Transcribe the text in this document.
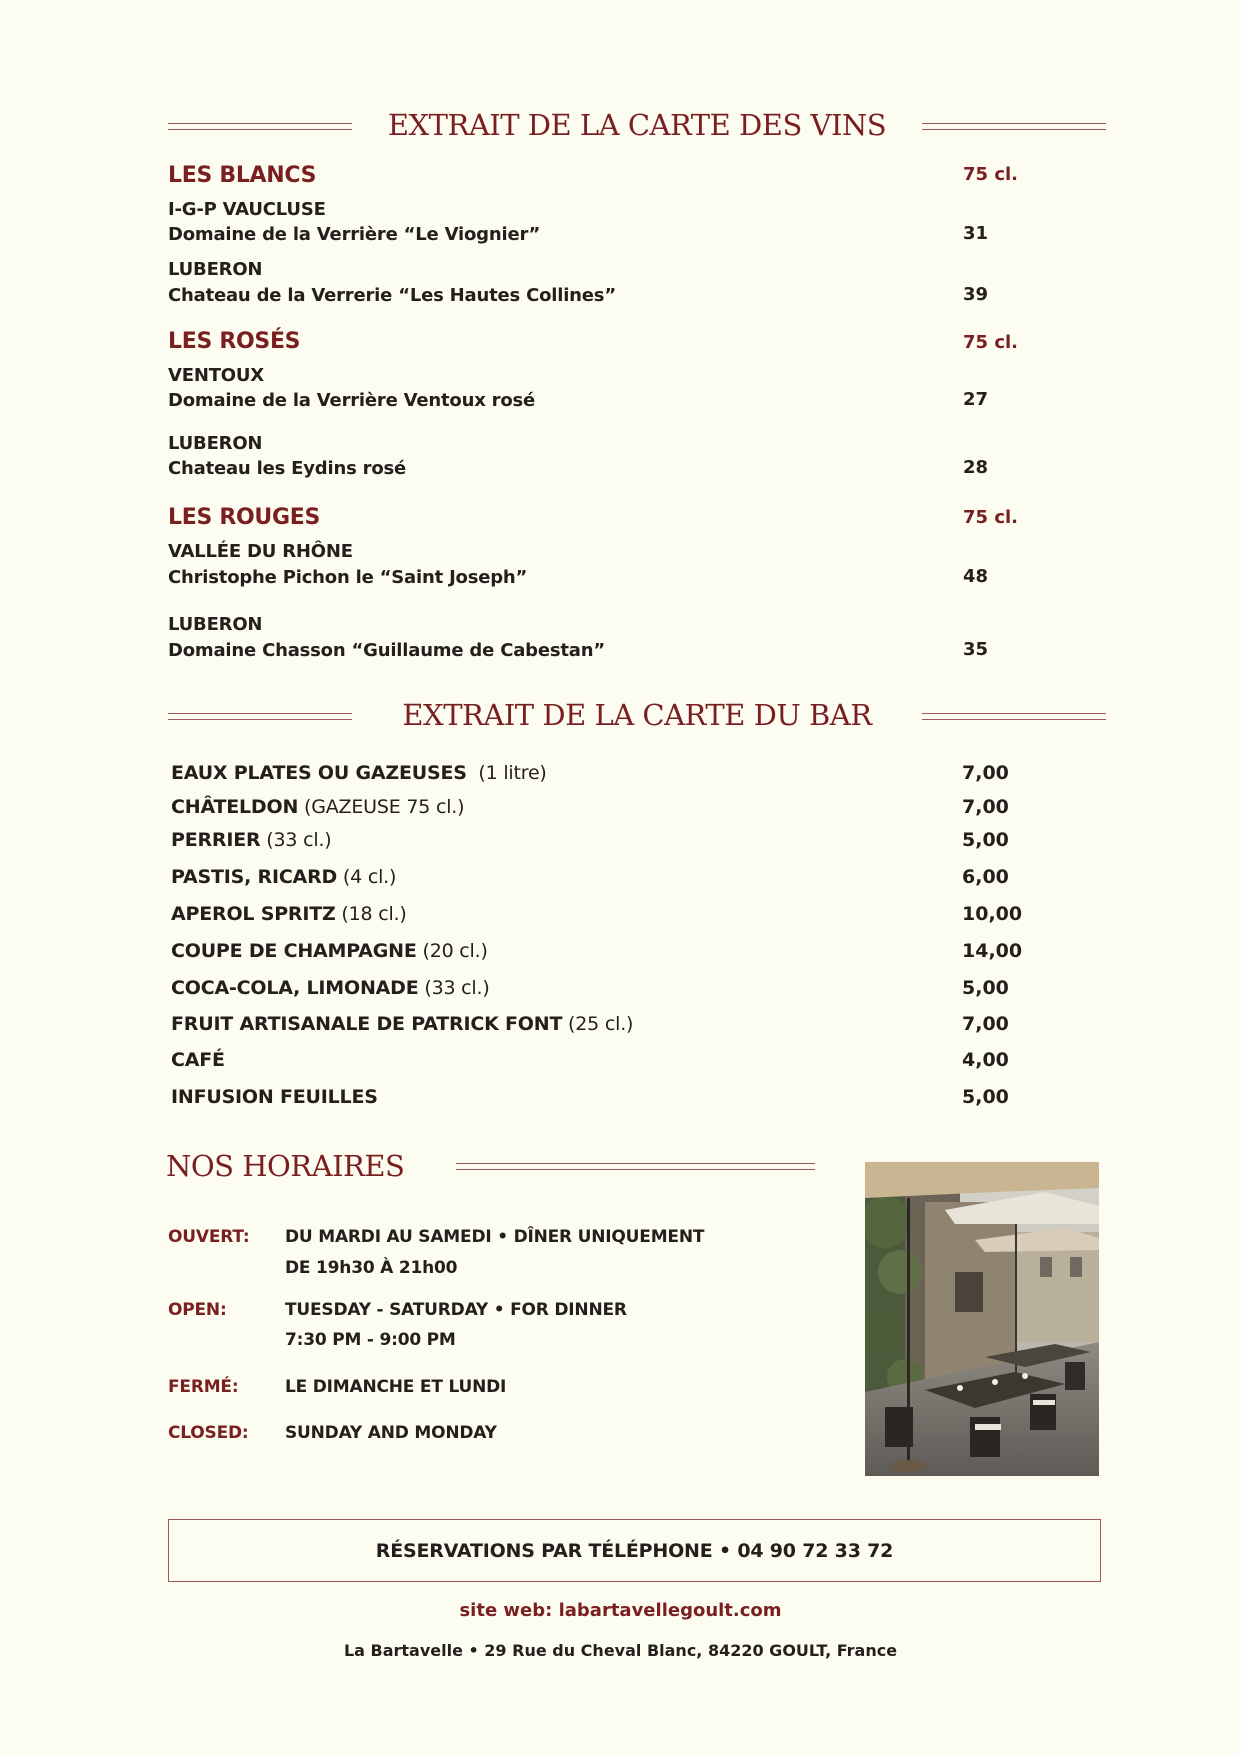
EXTRAIT DE LA CARTE DES VINS
LES BLANCS	75 cl.
I-G-P VAUCLUSE
Domaine de la Verrière “Le Viognier”	31
LUBERON
Chateau de la Verrerie “Les Hautes Collines”	39
LES ROSÉS	75 cl.
VENTOUX
Domaine de la Verrière Ventoux rosé	27
LUBERON
Chateau les Eydins rosé	28
LES ROUGES	75 cl.
VALLÉE DU RHÔNE
Christophe Pichon le “Saint Joseph”	48
LUBERON
Domaine Chasson “Guillaume de Cabestan”	35
EXTRAIT DE LA CARTE DU BAR
EAUX PLATES OU GAZEUSES  (1 litre)	7,00
CHÂTELDON (GAZEUSE 75 cl.)	7,00
PERRIER (33 cl.)	5,00
PASTIS, RICARD (4 cl.)	6,00
APEROL SPRITZ (18 cl.)	10,00
COUPE DE CHAMPAGNE (20 cl.)	14,00
COCA-COLA, LIMONADE (33 cl.)	5,00
FRUIT ARTISANALE DE PATRICK FONT (25 cl.)	7,00
CAFÉ	4,00
INFUSION FEUILLES	5,00
NOS HORAIRES
OUVERT: DU MARDI AU SAMEDI • DÎNER UNIQUEMENT
DE 19h30 À 21h00
OPEN:	TUESDAY - SATURDAY • FOR DINNER
7:30 PM - 9:00 PM
FERMÉ:	LE DIMANCHE ET LUNDI
CLOSED: SUNDAY AND MONDAY
RÉSERVATIONS PAR TÉLÉPHONE • 04 90 72 33 72
site web: labartavellegoult.com
La Bartavelle • 29 Rue du Cheval Blanc, 84220 GOULT, France
